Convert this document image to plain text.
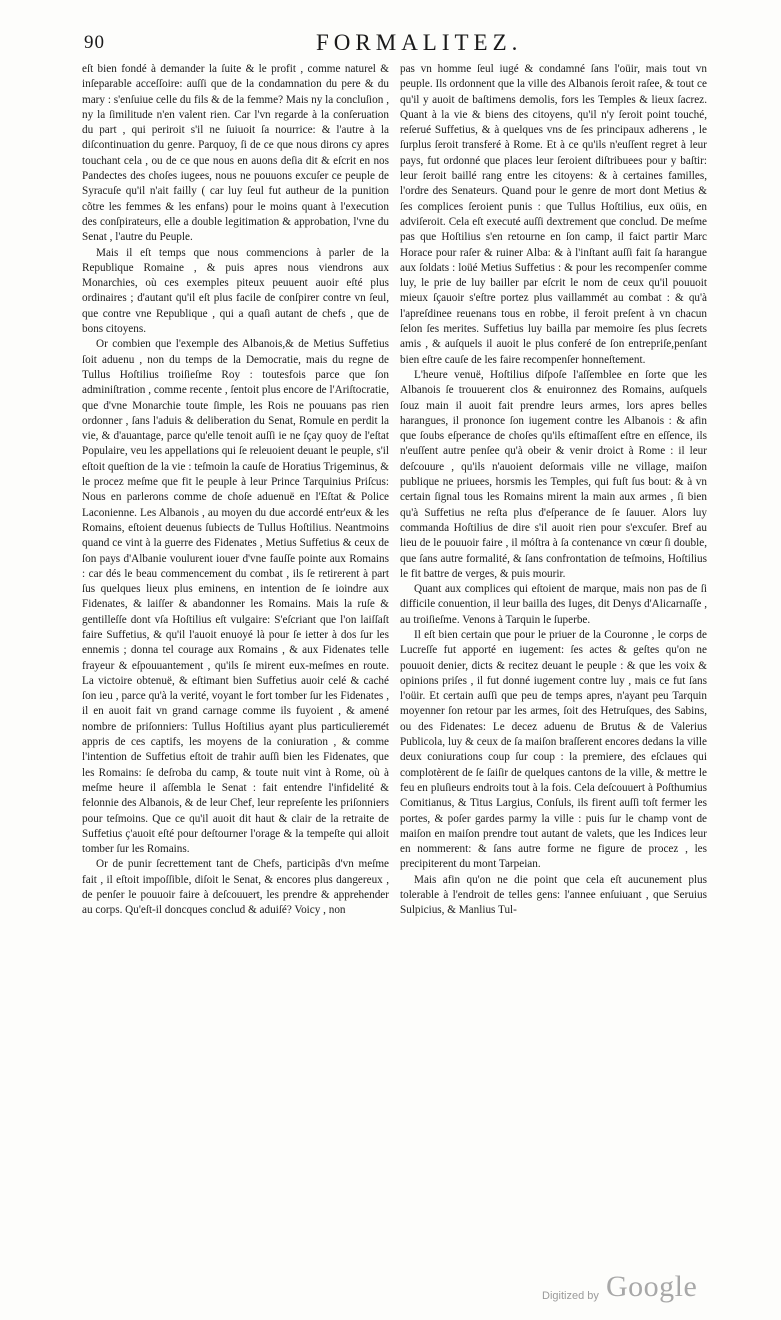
90	FORMALITEZ.

eſt bien fondé à demander la ſuite & le profit , comme naturel & inſeparable acceſſoire: auſſi que de la condamnation du pere & du mary : s'enſuiue celle du fils & de la femme? Mais ny la concluſion , ny la ſimilitude n'en valent rien. Car l'vn regarde à la conſeruation du part , qui periroit s'il ne ſuiuoit ſa nourrice: & l'autre à la diſcontinuation du genre. Parquoy, ſi de ce que nous dirons cy apres touchant cela , ou de ce que nous en auons deſia dit & eſcrit en nos Pandectes des choſes iugees, nous ne pouuons excuſer ce peuple de Syracuſe qu'il n'ait failly ( car luy ſeul fut autheur de la punition cõtre les femmes & les enfans) pour le moins quant à l'execution des conſpirateurs, elle a double legitimation & approbation, l'vne du Senat , l'autre du Peuple.

Mais il eſt temps que nous commencions à parler de la Republique Romaine , & puis apres nous viendrons aux Monarchies, où ces exemples piteux peuuent auoir eſté plus ordinaires ; d'autant qu'il eſt plus facile de conſpirer contre vn ſeul, que contre vne Republique , qui a quaſi autant de chefs , que de bons citoyens.

Or combien que l'exemple des Albanois,& de Metius Suffetius ſoit aduenu , non du temps de la Democratie, mais du regne de Tullus Hoſtilius troiſieſme Roy : toutesfois parce que ſon adminiſtration , comme recente , ſentoit plus encore de l'Ariſtocratie, que d'vne Monarchie toute ſimple, les Rois ne pouuans pas rien ordonner , ſans l'aduis & deliberation du Senat, Romule en perdit la vie, & d'auantage, parce qu'elle tenoit auſſi ie ne ſçay quoy de l'eſtat Populaire, veu les appellations qui ſe releuoient deuant le peuple, s'il eſtoit queſtion de la vie : teſmoin la cauſe de Horatius Trigeminus, & le procez meſme que fit le peuple à leur Prince Tarquinius Priſcus: Nous en parlerons comme de choſe aduenuë en l'Eſtat & Police Laconienne. Les Albanois , au moyen du due accordé entr'eux & les Romains, eſtoient deuenus ſubiects de Tullus Hoſtilius. Neantmoins quand ce vint à la guerre des Fidenates , Metius Suffetius & ceux de ſon pays d'Albanie voulurent iouer d'vne fauſſe pointe aux Romains : car dés le beau commencement du combat , ils ſe retirerent à part ſus quelques lieux plus eminens, en intention de ſe ioindre aux Fidenates, & laiſſer & abandonner les Romains. Mais la ruſe & gentilleſſe dont vſa Hoſtilius eſt vulgaire: S'eſcriant que l'on laiſſaſt faire Suffetius, & qu'il l'auoit enuoyé là pour ſe ietter à dos ſur les ennemis ; donna tel courage aux Romains , & aux Fidenates telle frayeur & eſpouuantement , qu'ils ſe mirent eux-meſmes en route. La victoire obtenuë, & eſtimant bien Suffetius auoir celé & caché ſon ieu , parce qu'à la verité, voyant le fort tomber ſur les Fidenates , il en auoit fait vn grand carnage comme ils fuyoient , & amené nombre de priſonniers: Tullus Hoſtilius ayant plus particulieremét appris de ces captifs, les moyens de la coniuration , & comme l'intention de Suffetius eſtoit de trahir auſſi bien les Fidenates, que les Romains: ſe deſroba du camp, & toute nuit vint à Rome, où à meſme heure il aſſembla le Senat : fait entendre l'infidelité & felonnie des Albanois, & de leur Chef, leur repreſente les priſonniers pour teſmoins. Que ce qu'il auoit dit haut & clair de la retraite de Suffetius ç'auoit eſté pour deſtourner l'orage & la tempeſte qui alloit tomber ſur les Romains.

Or de punir ſecrettement tant de Chefs, participãs d'vn meſme fait , il eſtoit impoſſible, diſoit le Senat, & encores plus dangereux , de penſer le pouuoir faire à deſcouuert, les prendre & apprehender au corps. Qu'eſt-il doncques conclud & aduiſé? Voicy , non

pas vn homme ſeul iugé & condamné ſans l'oüir, mais tout vn peuple. Ils ordonnent que la ville des Albanois ſeroit raſee, & tout ce qu'il y auoit de baſtimens demolis, fors les Temples & lieux ſacrez. Quant à la vie & biens des citoyens, qu'il n'y ſeroit point touché, reſerué Suffetius, & à quelques vns de ſes principaux adherens , le ſurplus ſeroit transferé à Rome. Et à ce qu'ils n'euſſent regret à leur pays, fut ordonné que places leur ſeroient diſtribuees pour y baſtir: leur ſeroit baillé rang entre les citoyens: & à certaines familles, l'ordre des Senateurs. Quand pour le genre de mort dont Metius & ſes complices ſeroient punis : que Tullus Hoſtilius, eux oüis, en adviſeroit. Cela eſt executé auſſi dextrement que conclud. De meſme pas que Hoſtilius s'en retourne en ſon camp, il faict partir Marc Horace pour raſer & ruiner Alba: & à l'inſtant auſſi fait ſa harangue aux ſoldats : loüé Metius Suffetius : & pour les recompenſer comme luy, le prie de luy bailler par eſcrit le nom de ceux qu'il pouuoit mieux ſçauoir s'eſtre portez plus vaillammét au combat : & qu'à l'apreſdinee reuenans tous en robbe, il feroit preſent à vn chacun ſelon ſes merites. Suffetius luy bailla par memoire ſes plus ſecrets amis , & auſquels il auoit le plus conferé de ſon entrepriſe,penſant bien eſtre cauſe de les faire recompenſer honneſtement.

L'heure venuë, Hoſtilius diſpoſe l'aſſemblee en ſorte que les Albanois ſe trouuerent clos & enuironnez des Romains, auſquels ſouz main il auoit fait prendre leurs armes, lors apres belles harangues, il prononce ſon iugement contre les Albanois : & afin que ſoubs eſperance de choſes qu'ils eſtimaſſent eſtre en eſſence, ils n'euſſent autre penſee qu'à obeir & venir droict à Rome : il leur deſcouure , qu'ils n'auoient deſormais ville ne village, maiſon publique ne priuees, horsmis les Temples, qui fuſt ſus bout: & à vn certain ſignal tous les Romains mirent la main aux armes , ſi bien qu'à Suffetius ne reſta plus d'eſperance de ſe ſauuer. Alors luy commanda Hoſtilius de dire s'il auoit rien pour s'excuſer. Bref au lieu de le pouuoir faire , il móſtra à ſa contenance vn cœur ſi double, que ſans autre formalité, & ſans confrontation de teſmoins, Hoſtilius le fit battre de verges, & puis mourir.

Quant aux complices qui eſtoient de marque, mais non pas de ſi difficile conuention, il leur bailla des Iuges, dit Denys d'Alicarnaſſe , au troiſieſme. Venons à Tarquin le ſuperbe.

Il eſt bien certain que pour le priuer de la Couronne , le corps de Lucreſſe fut apporté en iugement: ſes actes & geſtes qu'on ne pouuoit denier, dicts & recitez deuant le peuple : & que les voix & opinions priſes , il fut donné iugement contre luy , mais ce fut ſans l'oüir. Et certain auſſi que peu de temps apres, n'ayant peu Tarquin moyenner ſon retour par les armes, ſoit des Hetruſques, des Sabins, ou des Fidenates: Le decez aduenu de Brutus & de Valerius Publicola, luy & ceux de ſa maiſon braſſerent encores dedans la ville deux coniurations coup ſur coup : la premiere, des eſclaues qui complotèrent de ſe ſaiſir de quelques cantons de la ville, & mettre le feu en pluſieurs endroits tout à la fois. Cela deſcouuert à Poſthumius Comitianus, & Titus Largius, Conſuls, ils firent auſſi toſt fermer les portes, & poſer gardes parmy la ville : puis ſur le champ vont de maiſon en maiſon prendre tout autant de valets, que les Indices leur en nommerent: & ſans autre forme ne figure de procez , les precipiterent du mont Tarpeian.

Mais afin qu'on ne die point que cela eſt aucunement plus tolerable à l'endroit de telles gens: l'annee enſuiuant , que Seruius Sulpicius, & Manlius Tul-

Digitized by Google
